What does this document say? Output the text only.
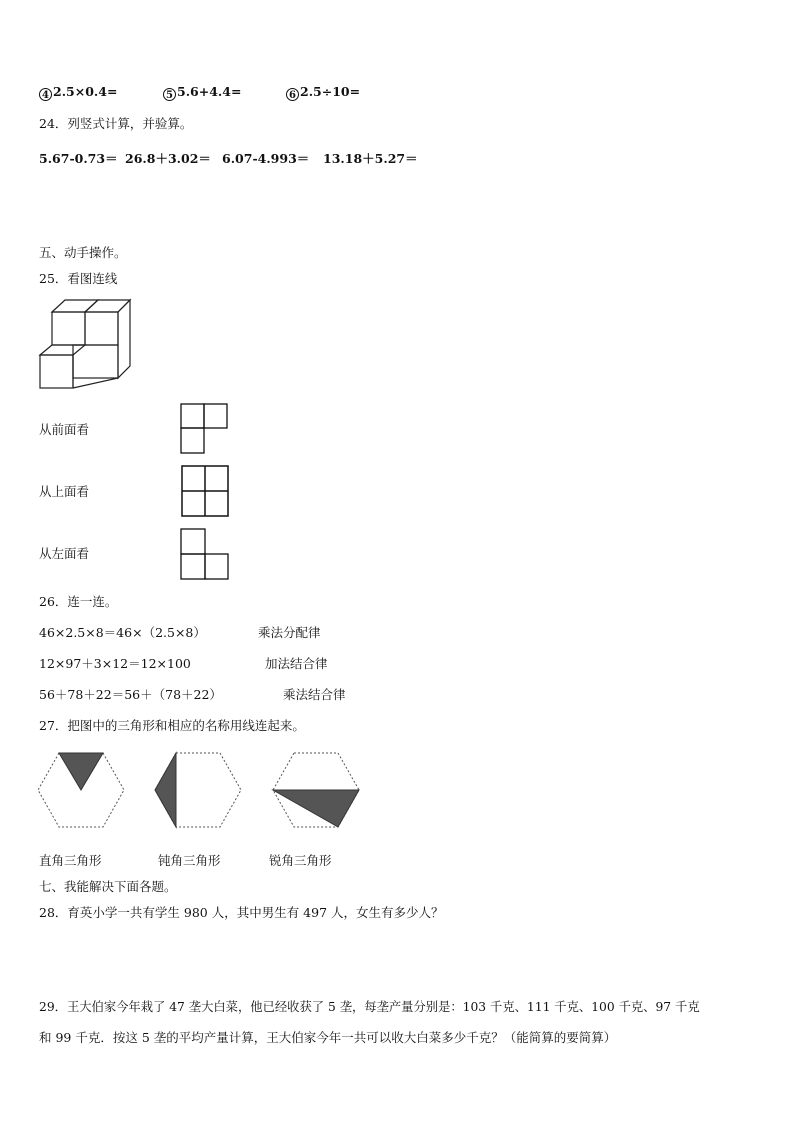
4 2.5×0.4=	5 5.6+4.4=	6 2.5÷10=
24．列竖式计算，并验算。
5.67-0.73＝ 26.8＋3.02＝ 6.07-4.993＝ 13.18＋5.27＝
五、动手操作。
25．看图连线
从前面看
从上面看
从左面看
26．连一连。
46×2.5×8＝46×（2.5×8）	乘法分配律
12×97＋3×12＝12×100	加法结合律
56＋78＋22＝56＋（78＋22）	乘法结合律
27．把图中的三角形和相应的名称用线连起来。
直角三角形	钝角三角形	锐角三角形
七、我能解决下面各题。
28．育英小学一共有学生 980 人，其中男生有 497 人，女生有多少人？
29．王大伯家今年栽了 47 垄大白菜，他已经收获了 5 垄，每垄产量分别是：103 千克、111 千克、100 千克、97 千克
和 99 千克．按这 5 垄的平均产量计算，王大伯家今年一共可以收大白菜多少千克？（能简算的要简算）
